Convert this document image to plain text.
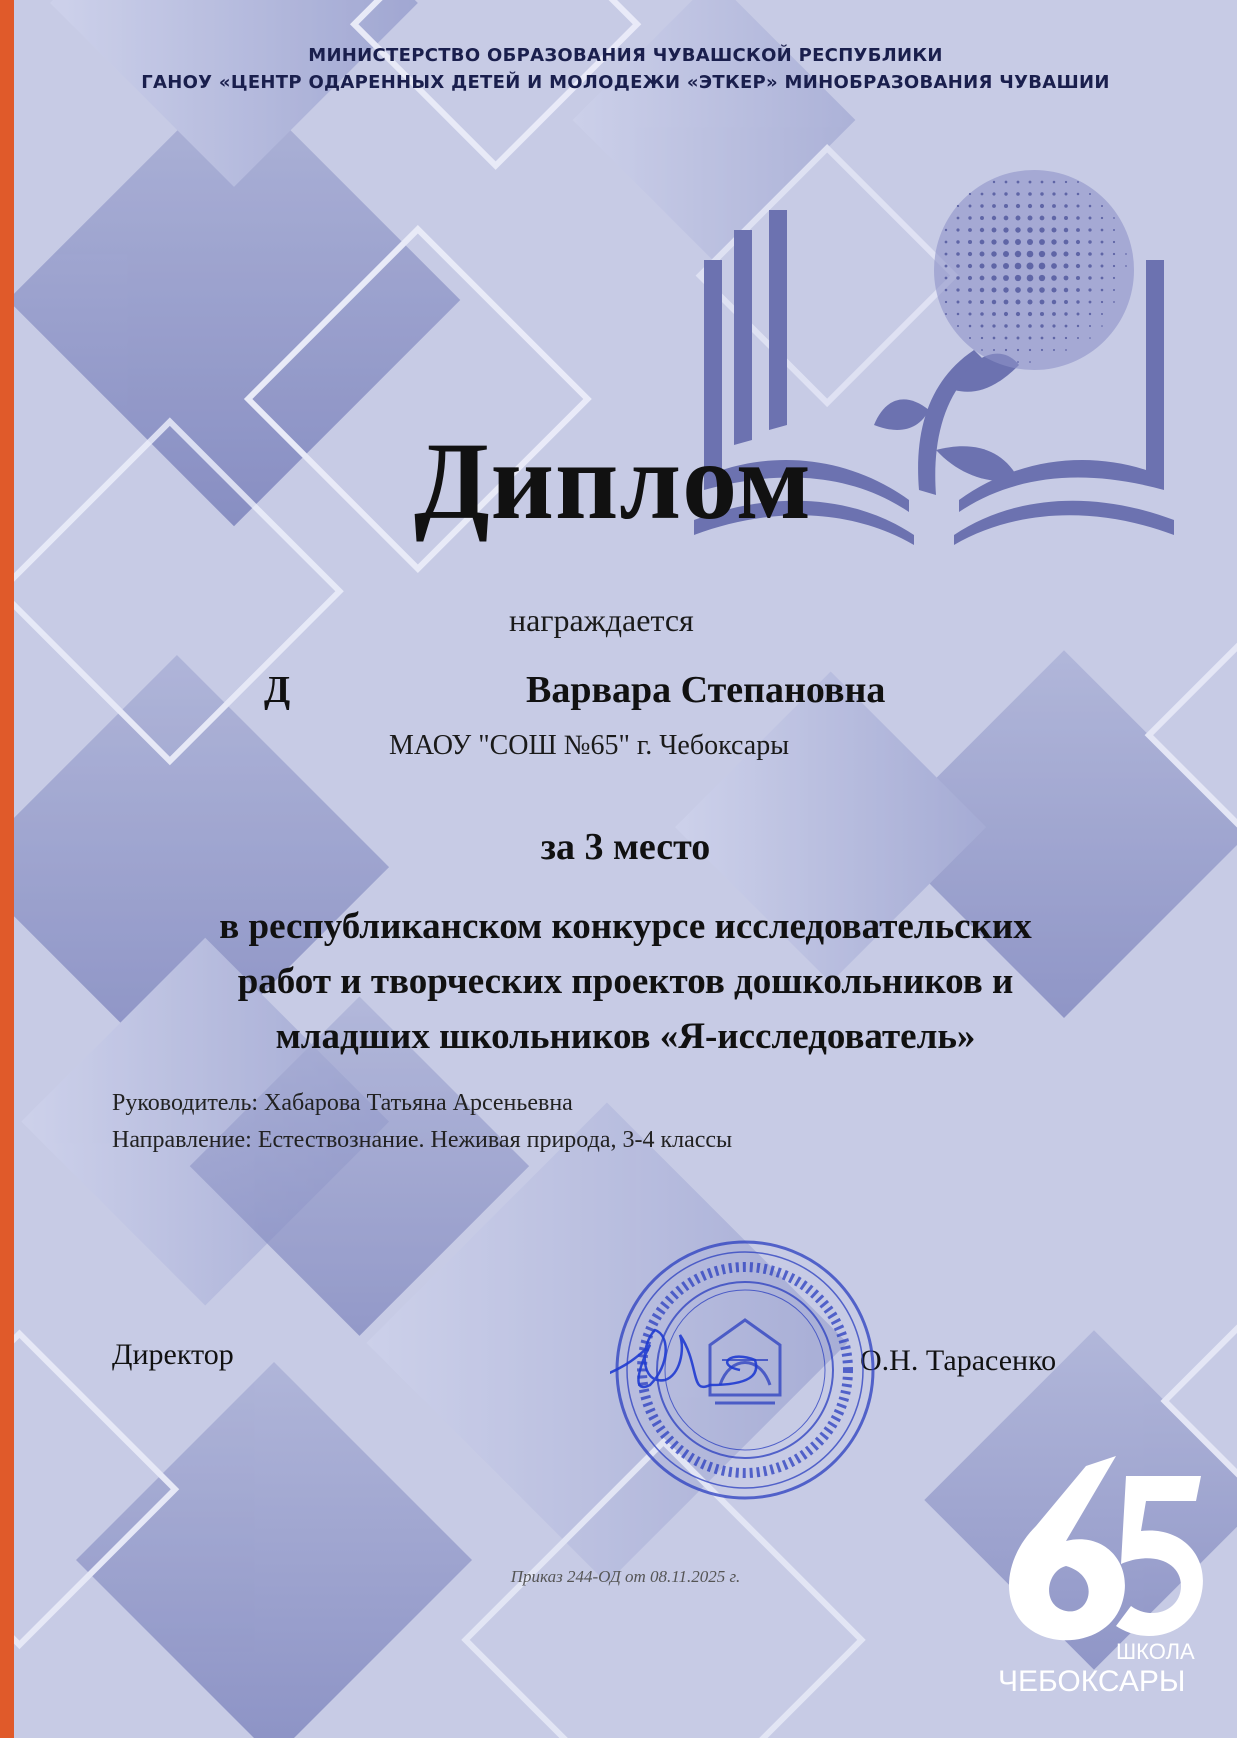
МИНИСТЕРСТВО ОБРАЗОВАНИЯ ЧУВАШСКОЙ РЕСПУБЛИКИ
ГАНОУ «ЦЕНТР ОДАРЕННЫХ ДЕТЕЙ И МОЛОДЕЖИ «ЭТКЕР» МИНОБРАЗОВАНИЯ ЧУВАШИИ
Диплом
награждается
Д	Варвара Степановна
МАОУ "СОШ №65" г. Чебоксары
за 3 место
в республиканском конкурсе исследовательских
работ и творческих проектов дошкольников и
младших школьников «Я-исследователь»
Руководитель: Хабарова Татьяна Арсеньевна
Направление: Естествознание. Неживая природа, 3-4 классы
Директор	О.Н. Тарасенко
Приказ 244-ОД от 08.11.2025 г.
ШКОЛА
ЧЕБОКСАРЫ
